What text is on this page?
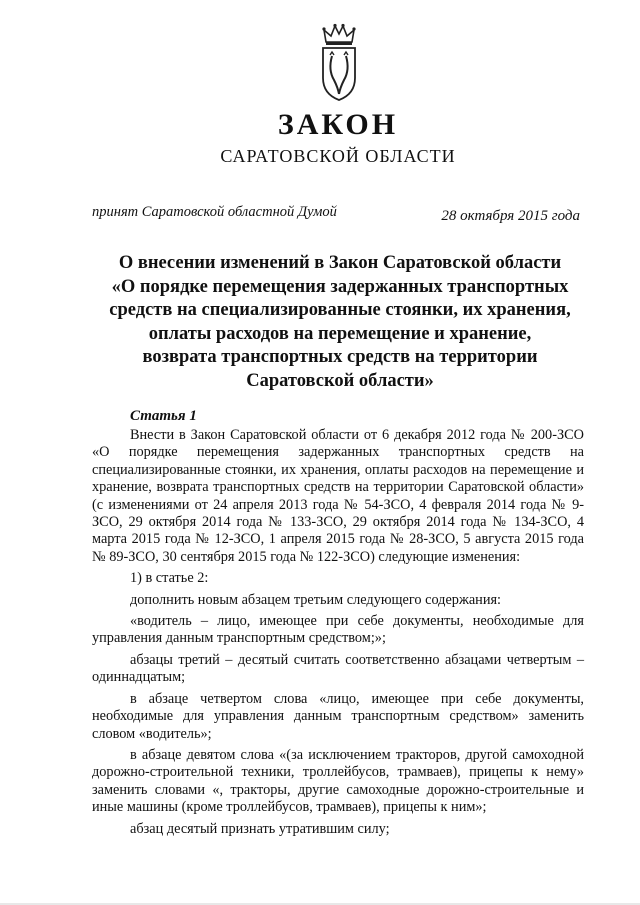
ЗАКОН
САРАТОВСКОЙ ОБЛАСТИ
принят Саратовской областной Думой	28 октября 2015 года
О внесении изменений в Закон Саратовской области
«О порядке перемещения задержанных транспортных
средств на специализированные стоянки, их хранения,
оплаты расходов на перемещение и хранение,
возврата транспортных средств на территории
Саратовской области»
Статья 1

Внести в Закон Саратовской области от 6 декабря 2012 года № 200-ЗСО «О порядке перемещения задержанных транспортных средств на специализированные стоянки, их хранения, оплаты расходов на перемещение и хранение, возврата транспортных средств на территории Саратовской области» (с изменениями от 24 апреля 2013 года № 54-ЗСО, 4 февраля 2014 года № 9-ЗСО, 29 октября 2014 года № 133-ЗСО, 29 октября 2014 года № 134-ЗСО, 4 марта 2015 года № 12-ЗСО, 1 апреля 2015 года № 28-ЗСО, 5 августа 2015 года № 89-ЗСО, 30 сентября 2015 года № 122-ЗСО) следующие изменения:

1) в статье 2:

дополнить новым абзацем третьим следующего содержания:

«водитель – лицо, имеющее при себе документы, необходимые для управления данным транспортным средством;»;

абзацы третий – десятый считать соответственно абзацами четвертым – одиннадцатым;

в абзаце четвертом слова «лицо, имеющее при себе документы, необходимые для управления данным транспортным средством» заменить словом «водитель»;

в абзаце девятом слова «(за исключением тракторов, другой самоходной дорожно-строительной техники, троллейбусов, трамваев), прицепы к нему» заменить словами «, тракторы, другие самоходные дорожно-строительные и иные машины (кроме троллейбусов, трамваев), прицепы к ним»;

абзац десятый признать утратившим силу;
